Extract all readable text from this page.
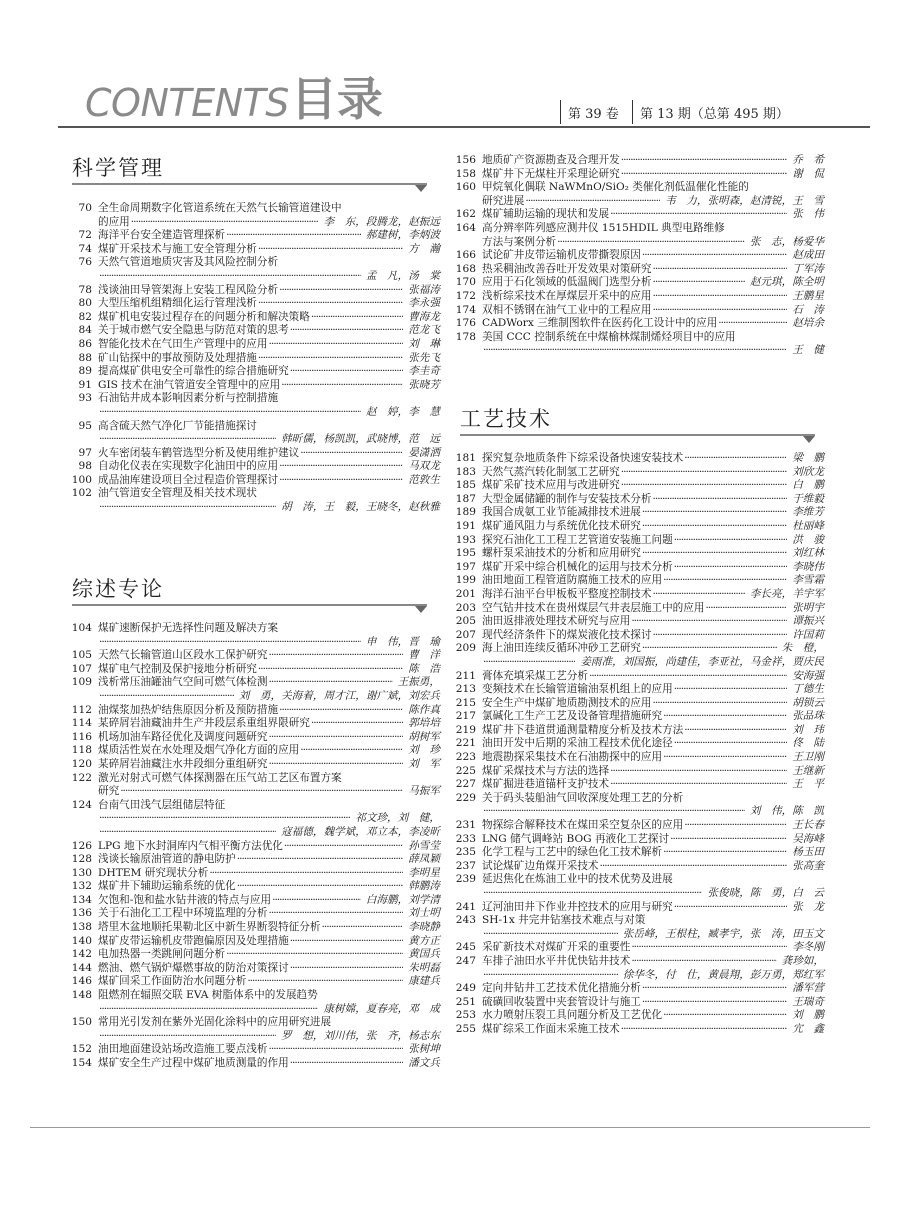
CONTENTS目录	第 39 卷 第 13 期（总第 495 期）
科学管理
综述专论
工艺技术
70 全生命周期数字化管道系统在天然气长输管道建设中
的应用 ·····	李　东，段腾龙，赵振远
72 海洋平台安全建造管理探析 ·····	郝建树，李炳波
74 煤矿开采技术与施工安全管理分析 ·····	方　瀚
76 天然气管道地质灾害及其风险控制分析
·····
孟　凡，汤　棠
78 浅谈油田导管架海上安装工程风险分析 ·····	张福涛
80 大型压缩机组精细化运行管理浅析 ·····	李永强
82 煤矿机电安装过程存在的问题分析和解决策略 ·····	曹海龙
84 关于城市燃气安全隐患与防范对策的思考 ·····	范龙飞
86 智能化技术在气田生产管理中的应用 ·····	刘　琳
88 矿山钻探中的事故预防及处理措施 ·····	张先飞
89 提高煤矿供电安全可靠性的综合措施研究 ·····	李圭奇
91 GIS 技术在油气管道安全管理中的应用 ·····	张晓芳
93 石油钻井成本影响因素分析与控制措施
·····
赵　婷，李　慧
95 高含硫天然气净化厂节能措施探讨
·····
韩昕儒，杨凯凯，武晓博，范　远
97 火车密闭装车鹤管选型分析及使用维护建议 ·····	晏潇洒
98 自动化仪表在实现数字化油田中的应用 ·····	马双龙
100 成品油库建设项目全过程造价管理探讨 ·····	范敦生
102 油气管道安全管理及相关技术现状
·····
胡　涛，王　毅，王晓冬，赵秋雅
104 煤矿速断保护无选择性问题及解决方案
·····
申　伟，晋　瑜
105 天然气长输管道山区段水工保护研究 ·····	曹　洋
107 煤矿电气控制及保护接地分析研究 ·····	陈　浩
109 浅析常压油罐油气空间可燃气体检测 ·····	王振勇，
·····
刘　勇，关海着，周才江，谢广斌，刘宏兵
112 油煤浆加热炉结焦原因分析及预防措施 ·····	陈作真
114 某碎屑岩油藏油井生产井段层系重组界限研究 ·····	郭培培
116 机场加油车路径优化及调度问题研究 ·····	胡树军
118 煤质活性炭在水处理及烟气净化方面的应用 ·····	刘　珍
120 某碎屑岩油藏注水井段细分重组研究 ·····	刘　军
122 激光对射式可燃气体探测器在压气站工艺区布置方案
研究 ·····	马振军
124 台南气田浅气层组储层特征
·····
祁文珍，刘　健，
·····
寇福德，魏学斌，邓立本，李凌昕
126 LPG 地下水封洞库内气相平衡方法优化 ·····	孙雪莹
128 浅谈长输原油管道的静电防护 ·····	薛凤颖
130 DHTEM 研究现状分析 ·····	李明星
132 煤矿井下辅助运输系统的优化 ·····	韩鹏涛
134 欠饱和-饱和盐水钻井液的特点与应用 ·····	白海鹏，刘学清
136 关于石油化工工程中环境监理的分析 ·····	刘士明
138 塔里木盆地顺托果勒北区中新生界断裂特征分析 ·····	李晓静
140 煤矿皮带运输机皮带跑偏原因及处理措施 ·····	黄方正
142 电加热器一类跳闸问题分析 ·····	黄国兵
144 燃油、燃气锅炉爆燃事故的防治对策探讨 ·····	朱明磊
146 煤矿回采工作面防治水问题分析 ·····	康建兵
148 阻燃剂在辐照交联 EVA 树脂体系中的发展趋势
·····
康树嫦，夏春亮，邓　成
150 常用光引发剂在紫外光固化涂料中的应用研究进展
·····
罗　想，刘川伟，张　齐，杨志东
152 油田地面建设站场改造施工要点浅析 ·····	张树坤
154 煤矿安全生产过程中煤矿地质测量的作用 ·····	潘文兵
156 地质矿产资源勘查及合理开发 ·····	乔　希
158 煤矿井下无煤柱开采理论研究 ·····	谢　侃
160 甲烷氧化偶联 NaWMnO/SiO₂ 类催化剂低温催化性能的
研究进展 ·····	韦　力，张明森，赵清锐，王　雪
162 煤矿辅助运输的现状和发展 ·····	张　伟
164 高分辨率阵列感应测井仪 1515HDIL 典型电路维修
方法与案例分析 ·····	张　志，杨爱华
166 试论矿井皮带运输机皮带撕裂原因 ·····	赵成田
168 热采稠油改善吞吐开发效果对策研究 ·····	丁军涛
170 应用于石化领域的低温阀门选型分析 ·····	赵元琪，陈全明
172 浅析综采技术在厚煤层开采中的应用 ·····	王鹏星
174 双相不锈钢在油气工业中的工程应用 ·····	石　涛
176 CADWorx 三维制图软件在医药化工设计中的应用 ·····	赵培余
178 美国 CCC 控制系统在中煤榆林煤制烯烃项目中的应用
·····
王　健
181 探究复杂地质条件下综采设备快速安装技术 ·····	梁　鹏
183 天然气蒸汽转化制氢工艺研究 ·····	刘欣龙
185 煤矿采矿技术应用与改进研究 ·····	白　鹏
187 大型金属储罐的制作与安装技术分析 ·····	于维毅
189 我国合成氨工业节能减排技术进展 ·····	李维芳
191 煤矿通风阻力与系统优化技术研究 ·····	杜丽峰
193 探究石油化工工程工艺管道安装施工问题 ·····	洪　骏
195 螺杆泵采油技术的分析和应用研究 ·····	刘红林
197 煤矿开采中综合机械化的运用与技术分析 ·····	李晓伟
199 油田地面工程管道防腐施工技术的应用 ·····	李雪霜
201 海洋石油平台甲板板平整度控制技术 ·····	李长亮，羊宇军
203 空气钻井技术在贵州煤层气井表层施工中的应用 ·····	张明宇
205 油田返排液处理技术研究与应用 ·····	谭振兴
207 现代经济条件下的煤炭液化技术探讨 ·····	许国莉
209 海上油田连续反循环冲砂工艺研究 ·····	朱　橙，
·····
姜雨准，刘国振，尚建佳，李亚社，马金祥，贾庆民
211 膏体充填采煤工艺分析 ·····	安海强
213 变频技术在长输管道输油泵机组上的应用 ·····	丁德生
215 安全生产中煤矿地质勘测技术的应用 ·····	胡锁云
217 氯碱化工生产工艺及设备管理措施研究 ·····	张品珠
219 煤矿井下巷道贯通测量精度分析及技术方法 ·····	刘　玮
221 油田开发中后期的采油工程技术优化途径 ·····	佟　陆
223 地震勘探采集技术在石油勘探中的应用 ·····	王卫刚
225 煤矿采煤技术与方法的选择 ·····	王继新
227 煤矿掘进巷道锚杆支护技术 ·····	王　平
229 关于码头装船油气回收深度处理工艺的分析
·····
刘　伟，陈　凯
231 物探综合解释技术在煤田采空复杂区的应用 ·····	王长春
233 LNG 储气调峰站 BOG 再液化工艺探讨 ·····	吴海峰
235 化学工程与工艺中的绿色化工技术解析 ·····	杨玉田
237 试论煤矿边角煤开采技术 ·····	张高奎
239 延迟焦化在炼油工业中的技术优势及进展
·····
张俊晓，陈　勇，白　云
241 辽河油田井下作业井控技术的应用与研究 ·····	张　龙
243 SH-1x 井完井钻塞技术难点与对策
·····
张岳峰，王根柱，臧孝宇，张　涛，田玉文
245 采矿新技术对煤矿开采的重要性 ·····	李冬刚
247 车排子油田水平井优快钻井技术 ·····	龚珍如，
·····
徐华冬，付　仕，黄晨翔，彭万勇，郑红军
249 定向井钻井工艺技术优化措施分析 ·····	潘军营
251 硫磺回收装置中夹套管设计与施工 ·····	王瑞奇
253 水力喷射压裂工具问题分析及工艺优化 ·····	刘　鹏
255 煤矿综采工作面末采施工技术 ·····	宂　鑫
